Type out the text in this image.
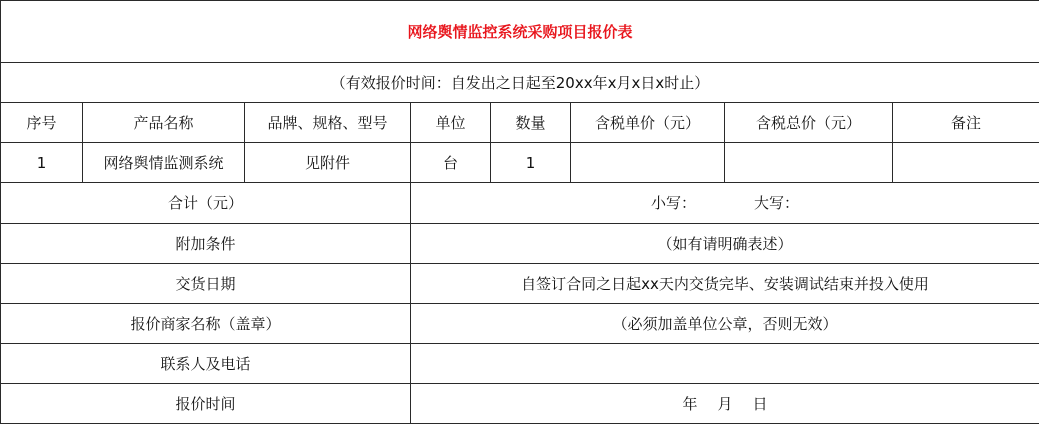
网络舆情监控系统采购项目报价表							
（有效报价时间：自发出之日起至20xx年x月x日x时止）							
序号	产品名称	品牌、规格、型号	单位	数量	含税单价（元）	含税总价（元）	备注
1	网络舆情监测系统	见附件	台	1			
合计（元）			小写： 大写：				
附加条件			（如有请明确表述）				
交货日期			自签订合同之日起xx天内交货完毕、安装调试结束并投入使用				
报价商家名称（盖章）			（必须加盖单位公章，否则无效）				
联系人及电话							
报价时间			年 月 日				
